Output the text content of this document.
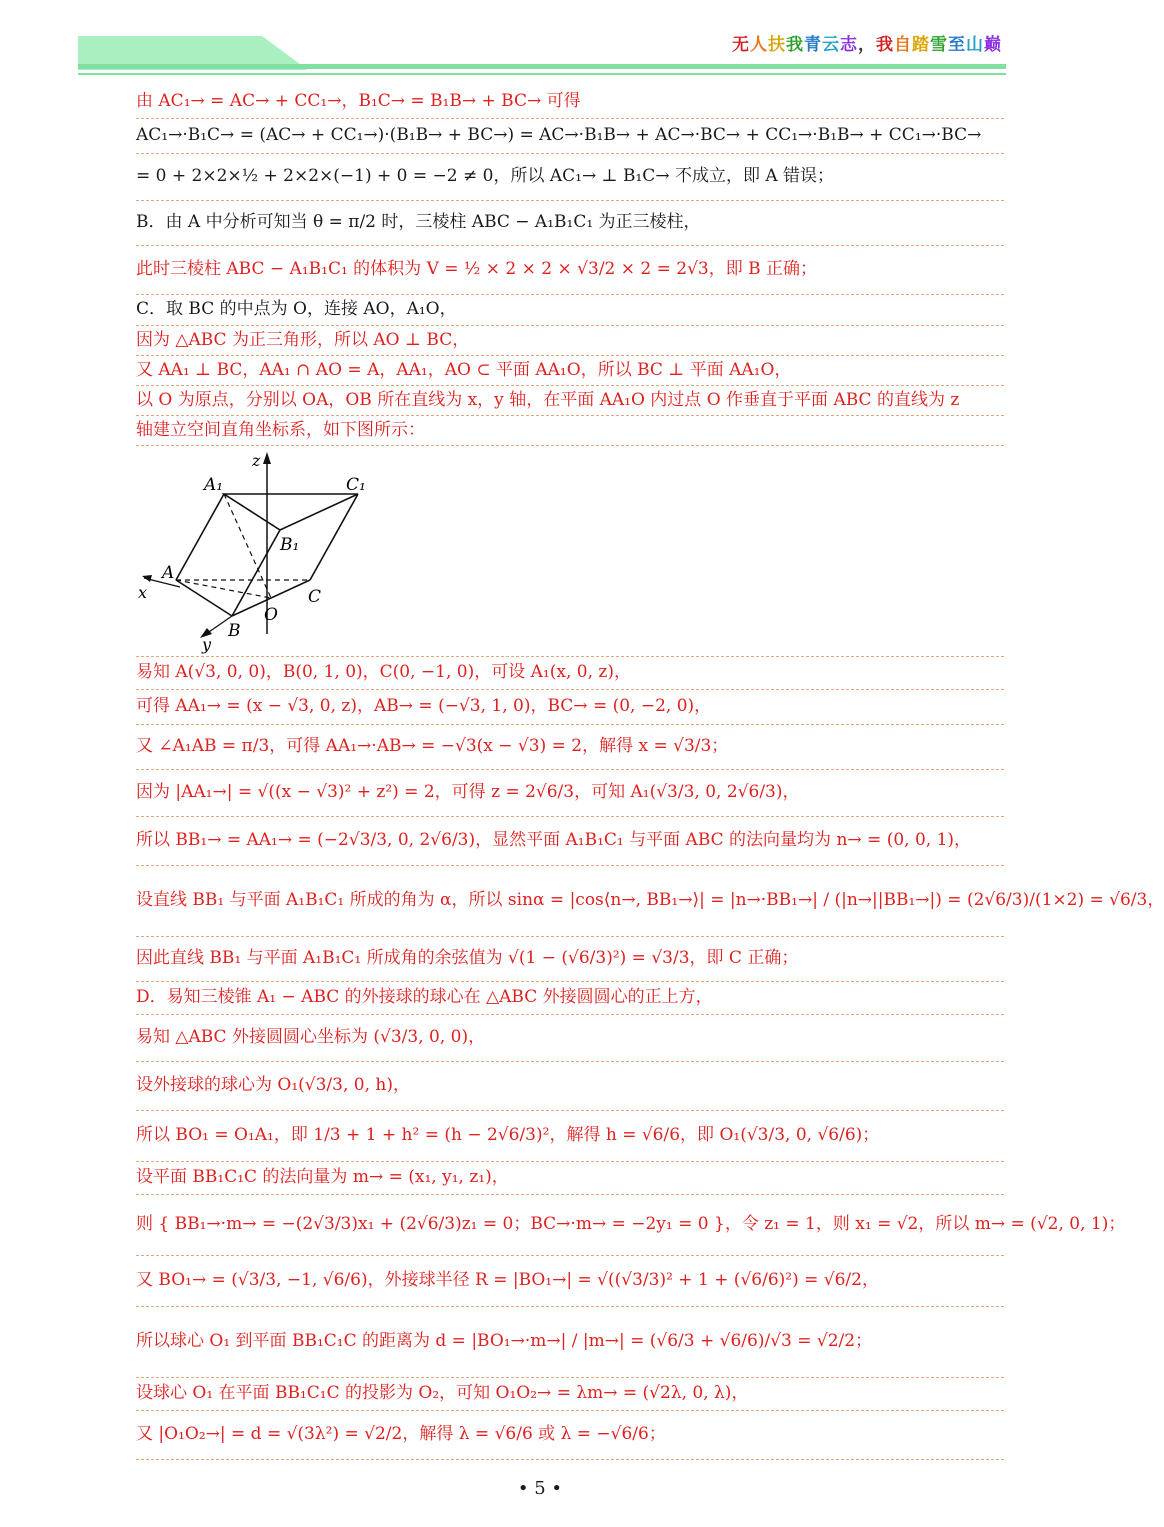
无人扶我青云志，我自踏雪至山巅
由 AC₁→ = AC→ + CC₁→，B₁C→ = B₁B→ + BC→ 可得
AC₁→·B₁C→ = (AC→ + CC₁→)·(B₁B→ + BC→) = AC→·B₁B→ + AC→·BC→ + CC₁→·B₁B→ + CC₁→·BC→
= 0 + 2×2×½ + 2×2×(−1) + 0 = −2 ≠ 0，所以 AC₁→ ⊥ B₁C→ 不成立，即 A 错误；
B．由 A 中分析可知当 θ = π/2 时，三棱柱 ABC − A₁B₁C₁ 为正三棱柱，
此时三棱柱 ABC − A₁B₁C₁ 的体积为 V = ½ × 2 × 2 × √3/2 × 2 = 2√3，即 B 正确；
C．取 BC 的中点为 O，连接 AO，A₁O，
因为 △ABC 为正三角形，所以 AO ⊥ BC，
又 AA₁ ⊥ BC，AA₁ ∩ AO = A，AA₁，AO ⊂ 平面 AA₁O，所以 BC ⊥ 平面 AA₁O，
以 O 为原点，分别以 OA，OB 所在直线为 x，y 轴，在平面 AA₁O 内过点 O 作垂直于平面 ABC 的直线为 z
轴建立空间直角坐标系，如下图所示：
z
x
y
A₁	C₁
B₁
A
C
O
B
易知 A(√3, 0, 0)，B(0, 1, 0)，C(0, −1, 0)，可设 A₁(x, 0, z)，
可得 AA₁→ = (x − √3, 0, z)，AB→ = (−√3, 1, 0)，BC→ = (0, −2, 0)，
又 ∠A₁AB = π/3，可得 AA₁→·AB→ = −√3(x − √3) = 2，解得 x = √3/3；
因为 |AA₁→| = √((x − √3)² + z²) = 2，可得 z = 2√6/3，可知 A₁(√3/3, 0, 2√6/3)，
所以 BB₁→ = AA₁→ = (−2√3/3, 0, 2√6/3)，显然平面 A₁B₁C₁ 与平面 ABC 的法向量均为 n→ = (0, 0, 1)，
设直线 BB₁ 与平面 A₁B₁C₁ 所成的角为 α，所以 sinα = |cos⟨n→, BB₁→⟩| = |n→·BB₁→| / (|n→||BB₁→|) = (2√6/3)/(1×2) = √6/3，
因此直线 BB₁ 与平面 A₁B₁C₁ 所成角的余弦值为 √(1 − (√6/3)²) = √3/3，即 C 正确；
D．易知三棱锥 A₁ − ABC 的外接球的球心在 △ABC 外接圆圆心的正上方，
易知 △ABC 外接圆圆心坐标为 (√3/3, 0, 0)，
设外接球的球心为 O₁(√3/3, 0, h)，
所以 BO₁ = O₁A₁，即 1/3 + 1 + h² = (h − 2√6/3)²，解得 h = √6/6，即 O₁(√3/3, 0, √6/6)；
设平面 BB₁C₁C 的法向量为 m→ = (x₁, y₁, z₁)，
则 { BB₁→·m→ = −(2√3/3)x₁ + (2√6/3)z₁ = 0；BC→·m→ = −2y₁ = 0 }，令 z₁ = 1，则 x₁ = √2，所以 m→ = (√2, 0, 1)；
又 BO₁→ = (√3/3, −1, √6/6)，外接球半径 R = |BO₁→| = √((√3/3)² + 1 + (√6/6)²) = √6/2，
所以球心 O₁ 到平面 BB₁C₁C 的距离为 d = |BO₁→·m→| / |m→| = (√6/3 + √6/6)/√3 = √2/2；
设球心 O₁ 在平面 BB₁C₁C 的投影为 O₂，可知 O₁O₂→ = λm→ = (√2λ, 0, λ)，
又 |O₁O₂→| = d = √(3λ²) = √2/2，解得 λ = √6/6 或 λ = −√6/6；
• 5 •
